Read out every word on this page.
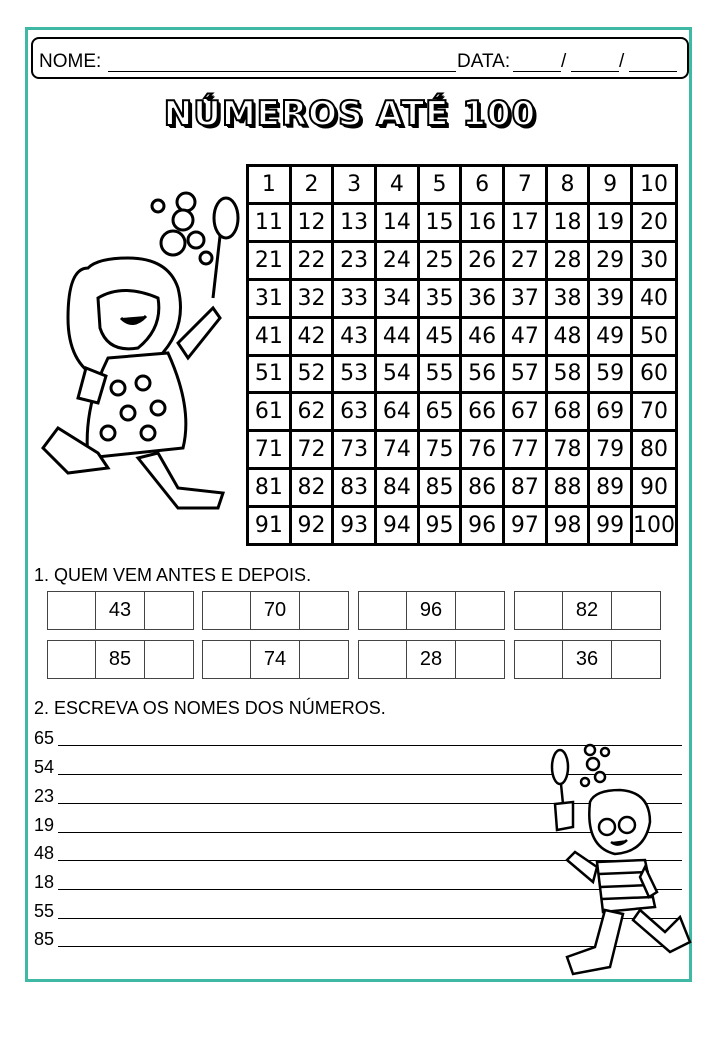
NOME:	DATA:	/	/
NÚMEROS ATÉ 100
1	2	3	4	5	6	7	8	9	10
11 12 13 14 15 16 17 18 19 20
21 22 23 24 25 26 27 28 29 30
31 32 33 34 35 36 37 38 39 40
41 42 43 44 45 46 47 48 49 50
51 52 53 54 55 56 57 58 59 60
61 62 63 64 65 66 67 68 69 70
71 72 73 74 75 76 77 78 79 80
81 82 83 84 85 86 87 88 89 90
91 92 93 94 95 96 97 98 99 100
1. QUEM VEM ANTES E DEPOIS.
43	70	96	82
85	74	28	36
2. ESCREVA OS NOMES DOS NÚMEROS.
65
54
23
19
48
18
55
85
